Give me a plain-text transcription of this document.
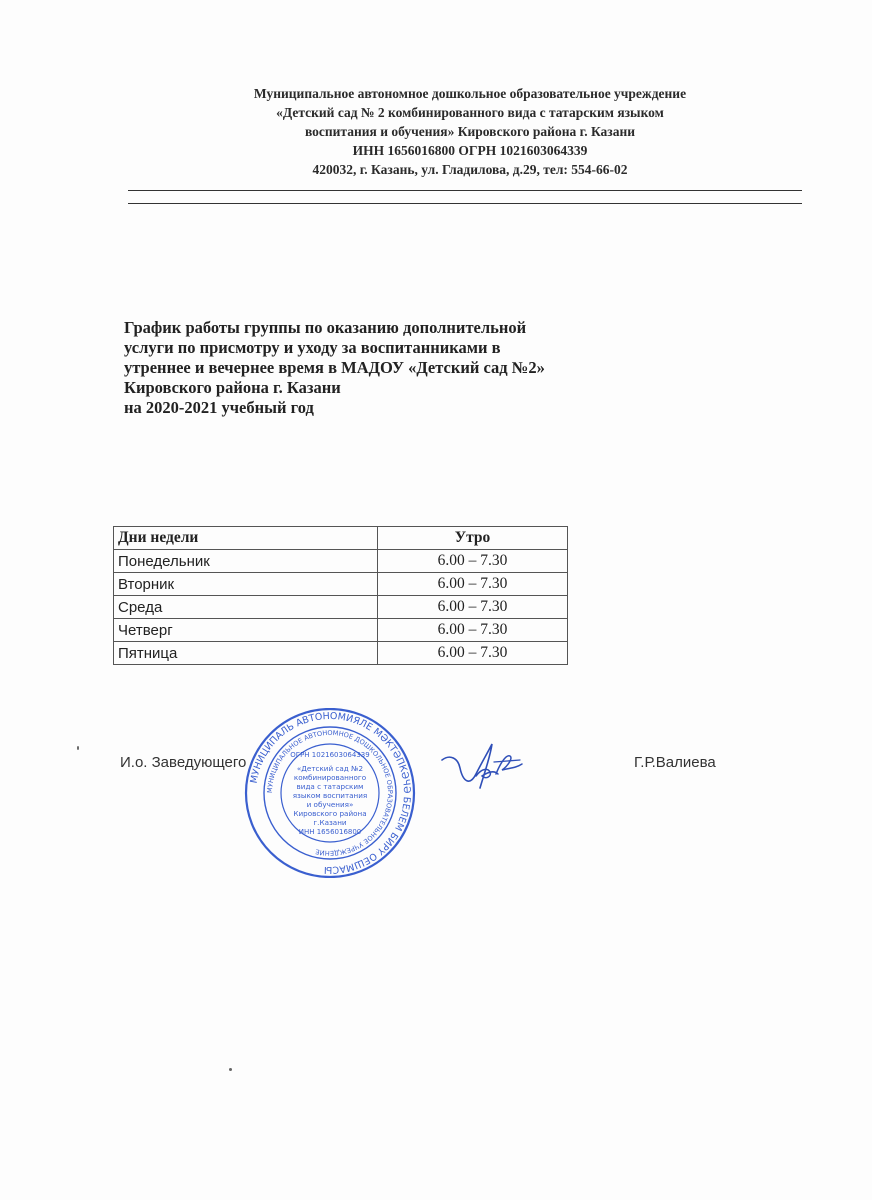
Муниципальное автономное дошкольное образовательное учреждение
«Детский сад № 2 комбинированного вида с татарским языком
воспитания и обучения» Кировского района г. Казани
ИНН 1656016800 ОГРН 1021603064339
420032, г. Казань, ул. Гладилова, д.29, тел: 554-66-02
График работы группы по оказанию дополнительной
услуги по присмотру и уходу за воспитанниками в
утреннее и вечернее время в МАДОУ «Детский сад №2»
Кировского района г. Казани
на 2020-2021 учебный год
Дни недели	Утро
Понедельник	6.00 – 7.30
Вторник	6.00 – 7.30
Среда	6.00 – 7.30
Четверг	6.00 – 7.30
Пятница	6.00 – 7.30
И.о. Заведующего
МУНИЦИПАЛЬ АВТОНОМИЯЛЕ МӘКТӘПКӘЧӘ БЕЛЕМ БИРҮ ОЕШМАСЫ
МУНИЦИПАЛЬНОЕ АВТОНОМНОЕ ДОШКОЛЬНОЕ ОБРАЗОВАТЕЛЬНОЕ УЧРЕЖДЕНИЕ
ОГРН 1021603064339
ИНН 1656016800
«Детский сад №2
комбинированного
вида с татарским
языком воспитания
и обучения»
Кировского района
г.Казани
Г.Р.Валиева
